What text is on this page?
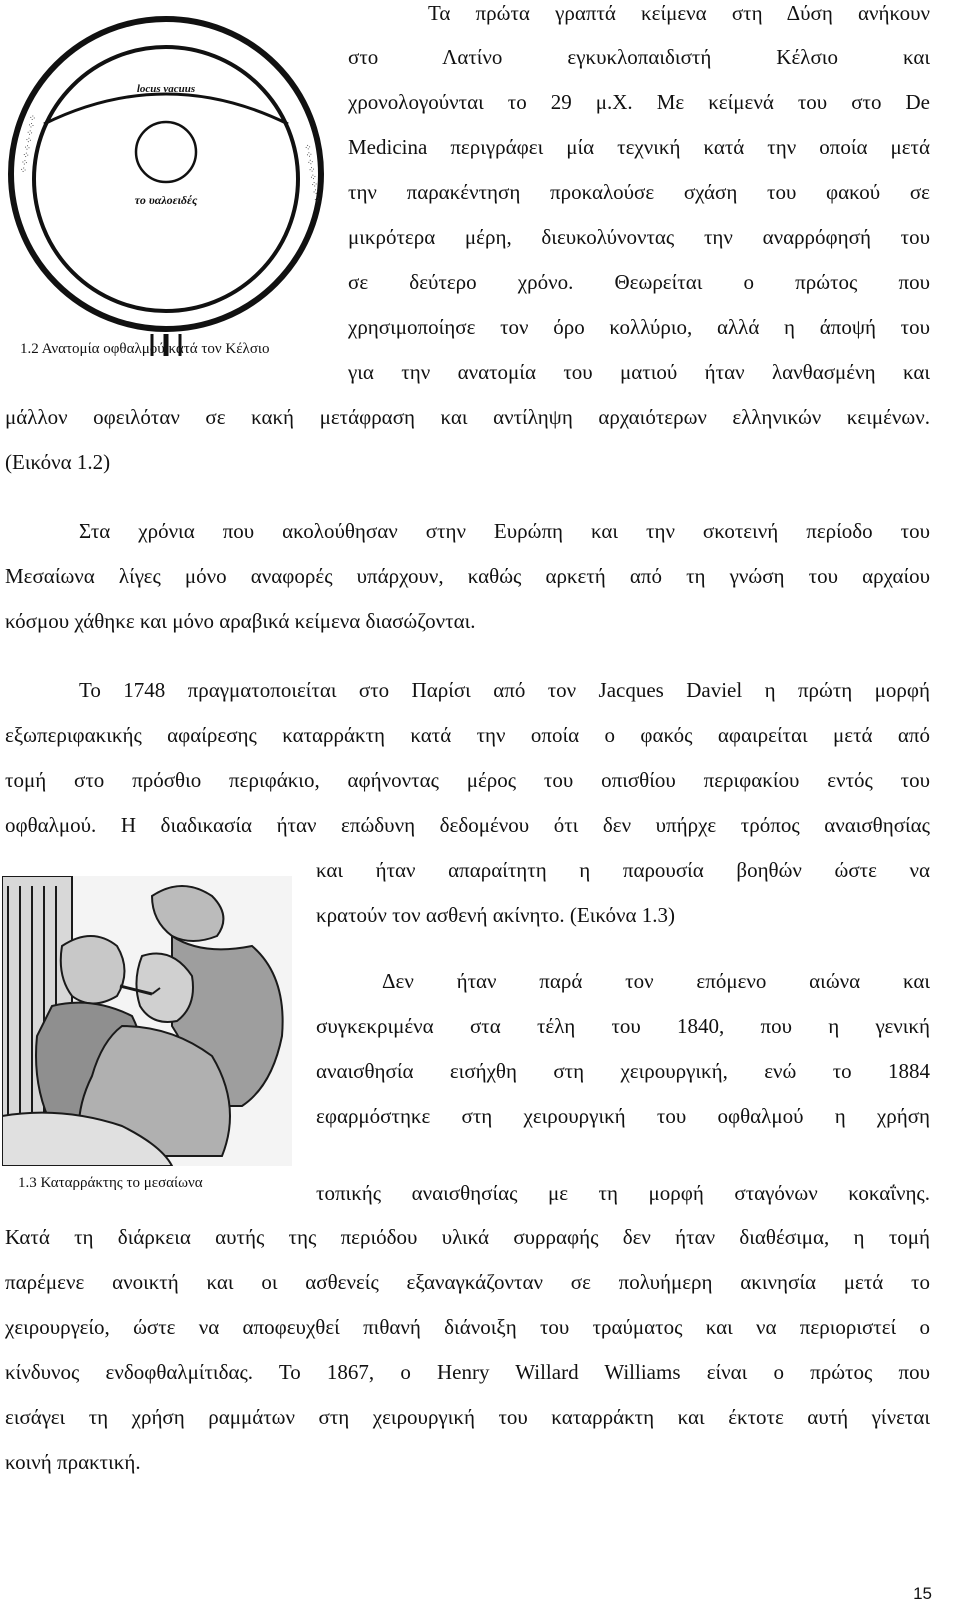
locus vacuus
το υαλοειδές
⁘⁘⁘⁘⁘⁘⁘⁘	⁘⁘⁘⁘⁘⁘⁘⁘
1.2 Ανατομία οφθαλμού κατά τον Κέλσιο
Τα πρώτα γραπτά κείμενα στη Δύση ανήκουν
στο Λατίνο εγκυκλοπαιδιστή Κέλσιο και
χρονολογούνται το 29 μ.Χ. Με κείμενά του στο De
Medicina περιγράφει μία τεχνική κατά την οποία μετά
την παρακέντηση προκαλούσε σχάση του φακού σε
μικρότερα μέρη, διευκολύνοντας την αναρρόφησή του
σε δεύτερο χρόνο. Θεωρείται ο πρώτος που
χρησιμοποίησε τον όρο κολλύριο, αλλά η άποψή του
για την ανατομία του ματιού ήταν λανθασμένη και
μάλλον οφειλόταν σε κακή μετάφραση και αντίληψη αρχαιότερων ελληνικών κειμένων.
(Εικόνα 1.2)
Στα χρόνια που ακολούθησαν στην Ευρώπη και την σκοτεινή περίοδο του
Μεσαίωνα λίγες μόνο αναφορές υπάρχουν, καθώς αρκετή από τη γνώση του αρχαίου
κόσμου χάθηκε και μόνο αραβικά κείμενα διασώζονται.
Το 1748 πραγματοποιείται στο Παρίσι από τον Jacques Daviel η πρώτη μορφή
εξωπεριφακικής αφαίρεσης καταρράκτη κατά την οποία ο φακός αφαιρείται μετά από
τομή στο πρόσθιο περιφάκιο, αφήνοντας μέρος του οπισθίου περιφακίου εντός του
οφθαλμού. Η διαδικασία ήταν επώδυνη δεδομένου ότι δεν υπήρχε τρόπος αναισθησίας
και ήταν απαραίτητη η παρουσία βοηθών ώστε να
κρατούν τον ασθενή ακίνητο. (Εικόνα 1.3)
1.3 Καταρράκτης το μεσαίωνα
Δεν ήταν παρά τον επόμενο αιώνα και
συγκεκριμένα στα τέλη του 1840, που η γενική
αναισθησία εισήχθη στη χειρουργική, ενώ το 1884
εφαρμόστηκε στη χειρουργική του οφθαλμού η χρήση
τοπικής αναισθησίας με τη μορφή σταγόνων κοκαΐνης.
Κατά τη διάρκεια αυτής της περιόδου υλικά συρραφής δεν ήταν διαθέσιμα, η τομή
παρέμενε ανοικτή και οι ασθενείς εξαναγκάζονταν σε πολυήμερη ακινησία μετά το
χειρουργείο, ώστε να αποφευχθεί πιθανή διάνοιξη του τραύματος και να περιοριστεί ο
κίνδυνος ενδοφθαλμίτιδας. Το 1867, ο Henry Willard Williams είναι ο πρώτος που
εισάγει τη χρήση ραμμάτων στη χειρουργική του καταρράκτη και έκτοτε αυτή γίνεται
κοινή πρακτική.
15
